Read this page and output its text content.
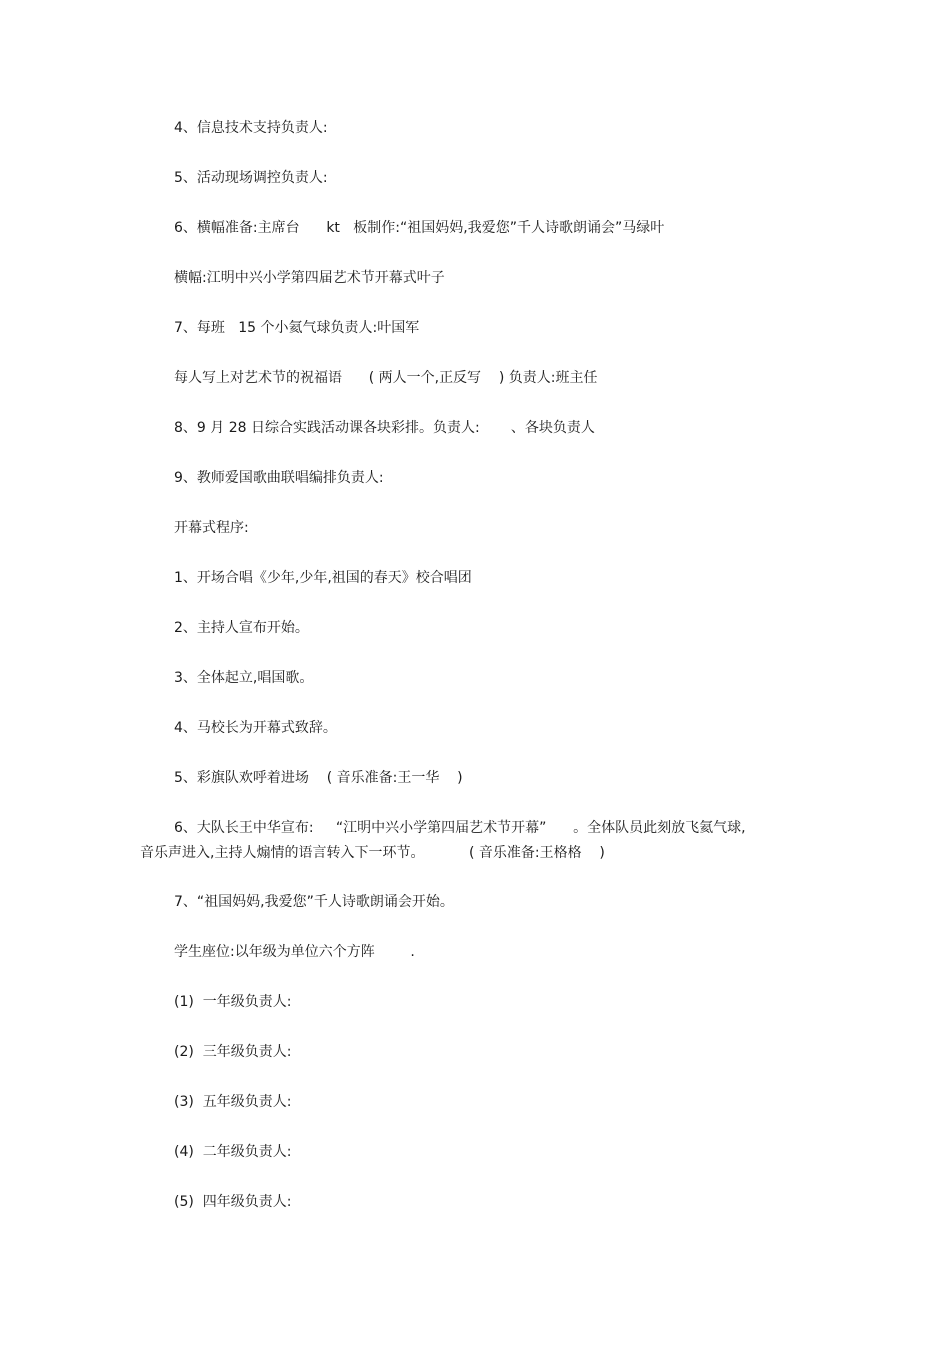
4、信息技术支持负责人:
5、活动现场调控负责人:
6、横幅准备:主席台      kt   板制作:“祖国妈妈,我爱您”千人诗歌朗诵会”马绿叶
横幅:江明中兴小学第四届艺术节开幕式叶子
7、每班   15 个小氦气球负责人:叶国军
每人写上对艺术节的祝福语      ( 两人一个,正反写    ) 负责人:班主任
8、9 月 28 日综合实践活动课各块彩排。负责人:       、各块负责人
9、教师爱国歌曲联唱编排负责人:
开幕式程序:
1、开场合唱《少年,少年,祖国的春天》校合唱团
2、主持人宣布开始。
3、全体起立,唱国歌。
4、马校长为开幕式致辞。
5、彩旗队欢呼着进场    ( 音乐准备:王一华    )
6、大队长王中华宣布:     “江明中兴小学第四届艺术节开幕”      。全体队员此刻放飞氦气球,
音乐声进入,主持人煽情的语言转入下一环节。          ( 音乐准备:王格格    )
7、“祖国妈妈,我爱您”千人诗歌朗诵会开始。
学生座位:以年级为单位六个方阵        .
(1)  一年级负责人:
(2)  三年级负责人:
(3)  五年级负责人:
(4)  二年级负责人:
(5)  四年级负责人:
